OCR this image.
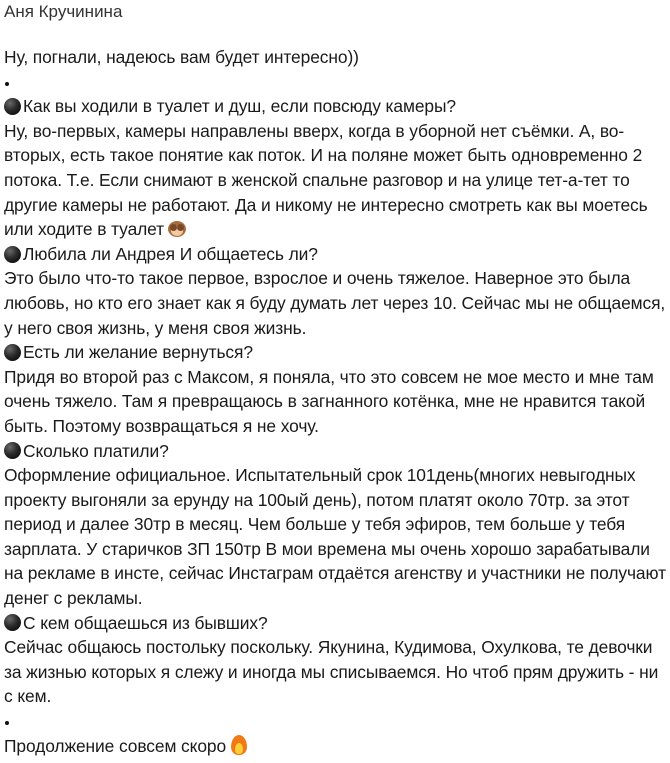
Аня Кручинина
Ну, погнали, надеюсь вам будет интересно))
Как вы ходили в туалет и душ, если повсюду камеры?
Ну, во-первых, камеры направлены вверх, когда в уборной нет съёмки. А, во-
вторых, есть такое понятие как поток. И на поляне может быть одновременно 2
потока. Т.е. Если снимают в женской спальне разговор и на улице тет-а-тет то
другие камеры не работают. Да и никому не интересно смотреть как вы моетесь
или ходите в туалет
Любила ли Андрея И общаетесь ли?
Это было что-то такое первое, взрослое и очень тяжелое. Наверное это была
любовь, но кто его знает как я буду думать лет через 10. Сейчас мы не общаемся,
у него своя жизнь, у меня своя жизнь.
Есть ли желание вернуться?
Придя во второй раз с Максом, я поняла, что это совсем не мое место и мне там
очень тяжело. Там я превращаюсь в загнанного котёнка, мне не нравится такой
быть. Поэтому возвращаться я не хочу.
Сколько платили?
Оформление официальное. Испытательный срок 101день(многих невыгодных
проекту выгоняли за ерунду на 100ый день), потом платят около 70тр. за этот
период и далее 30тр в месяц. Чем больше у тебя эфиров, тем больше у тебя
зарплата. У старичков ЗП 150тр В мои времена мы очень хорошо зарабатывали
на рекламе в инсте, сейчас Инстаграм отдаётся агенству и участники не получают
денег с рекламы.
С кем общаешься из бывших?
Сейчас общаюсь постольку поскольку. Якунина, Кудимова, Охулкова, те девочки
за жизнью которых я слежу и иногда мы списываемся. Но чтоб прям дружить - ни
с кем.
Продолжение совсем скоро
